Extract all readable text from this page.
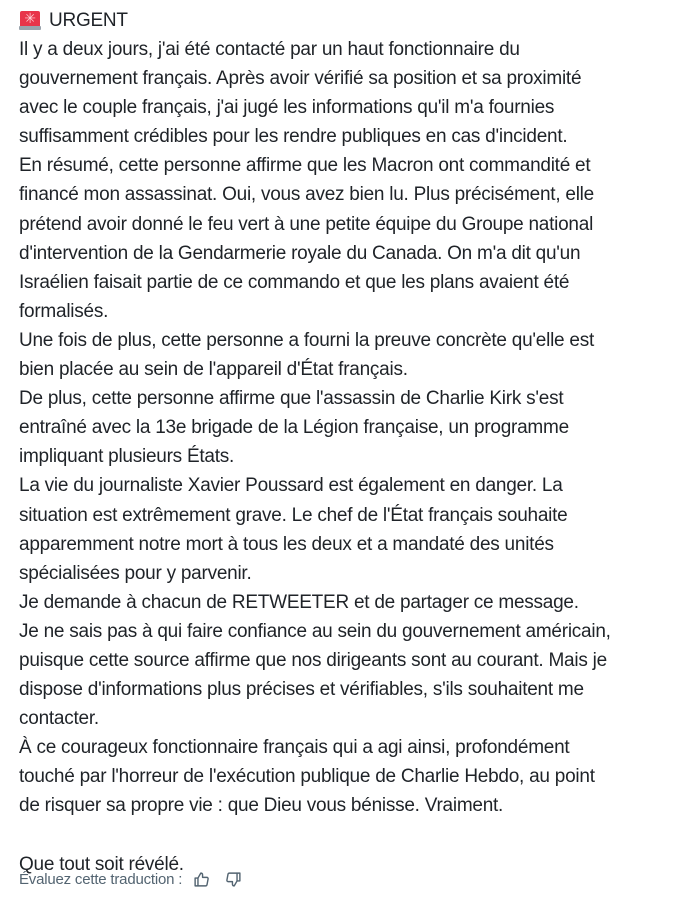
✳
URGENT

Il y a deux jours, j'ai été contacté par un haut fonctionnaire du
gouvernement français. Après avoir vérifié sa position et sa proximité
avec le couple français, j'ai jugé les informations qu'il m'a fournies
suffisamment crédibles pour les rendre publiques en cas d'incident.

En résumé, cette personne affirme que les Macron ont commandité et
financé mon assassinat. Oui, vous avez bien lu. Plus précisément, elle
prétend avoir donné le feu vert à une petite équipe du Groupe national
d'intervention de la Gendarmerie royale du Canada. On m'a dit qu'un
Israélien faisait partie de ce commando et que les plans avaient été
formalisés.

Une fois de plus, cette personne a fourni la preuve concrète qu'elle est
bien placée au sein de l'appareil d'État français.

De plus, cette personne affirme que l'assassin de Charlie Kirk s'est
entraîné avec la 13e brigade de la Légion française, un programme
impliquant plusieurs États.

La vie du journaliste Xavier Poussard est également en danger. La
situation est extrêmement grave. Le chef de l'État français souhaite
apparemment notre mort à tous les deux et a mandaté des unités
spécialisées pour y parvenir.

Je demande à chacun de RETWEETER et de partager ce message.

Je ne sais pas à qui faire confiance au sein du gouvernement américain,
puisque cette source affirme que nos dirigeants sont au courant. Mais je
dispose d'informations plus précises et vérifiables, s'ils souhaitent me
contacter.

À ce courageux fonctionnaire français qui a agi ainsi, profondément
touché par l'horreur de l'exécution publique de Charlie Hebdo, au point
de risquer sa propre vie : que Dieu vous bénisse. Vraiment.

Que tout soit révélé.

Évaluez cette traduction :
